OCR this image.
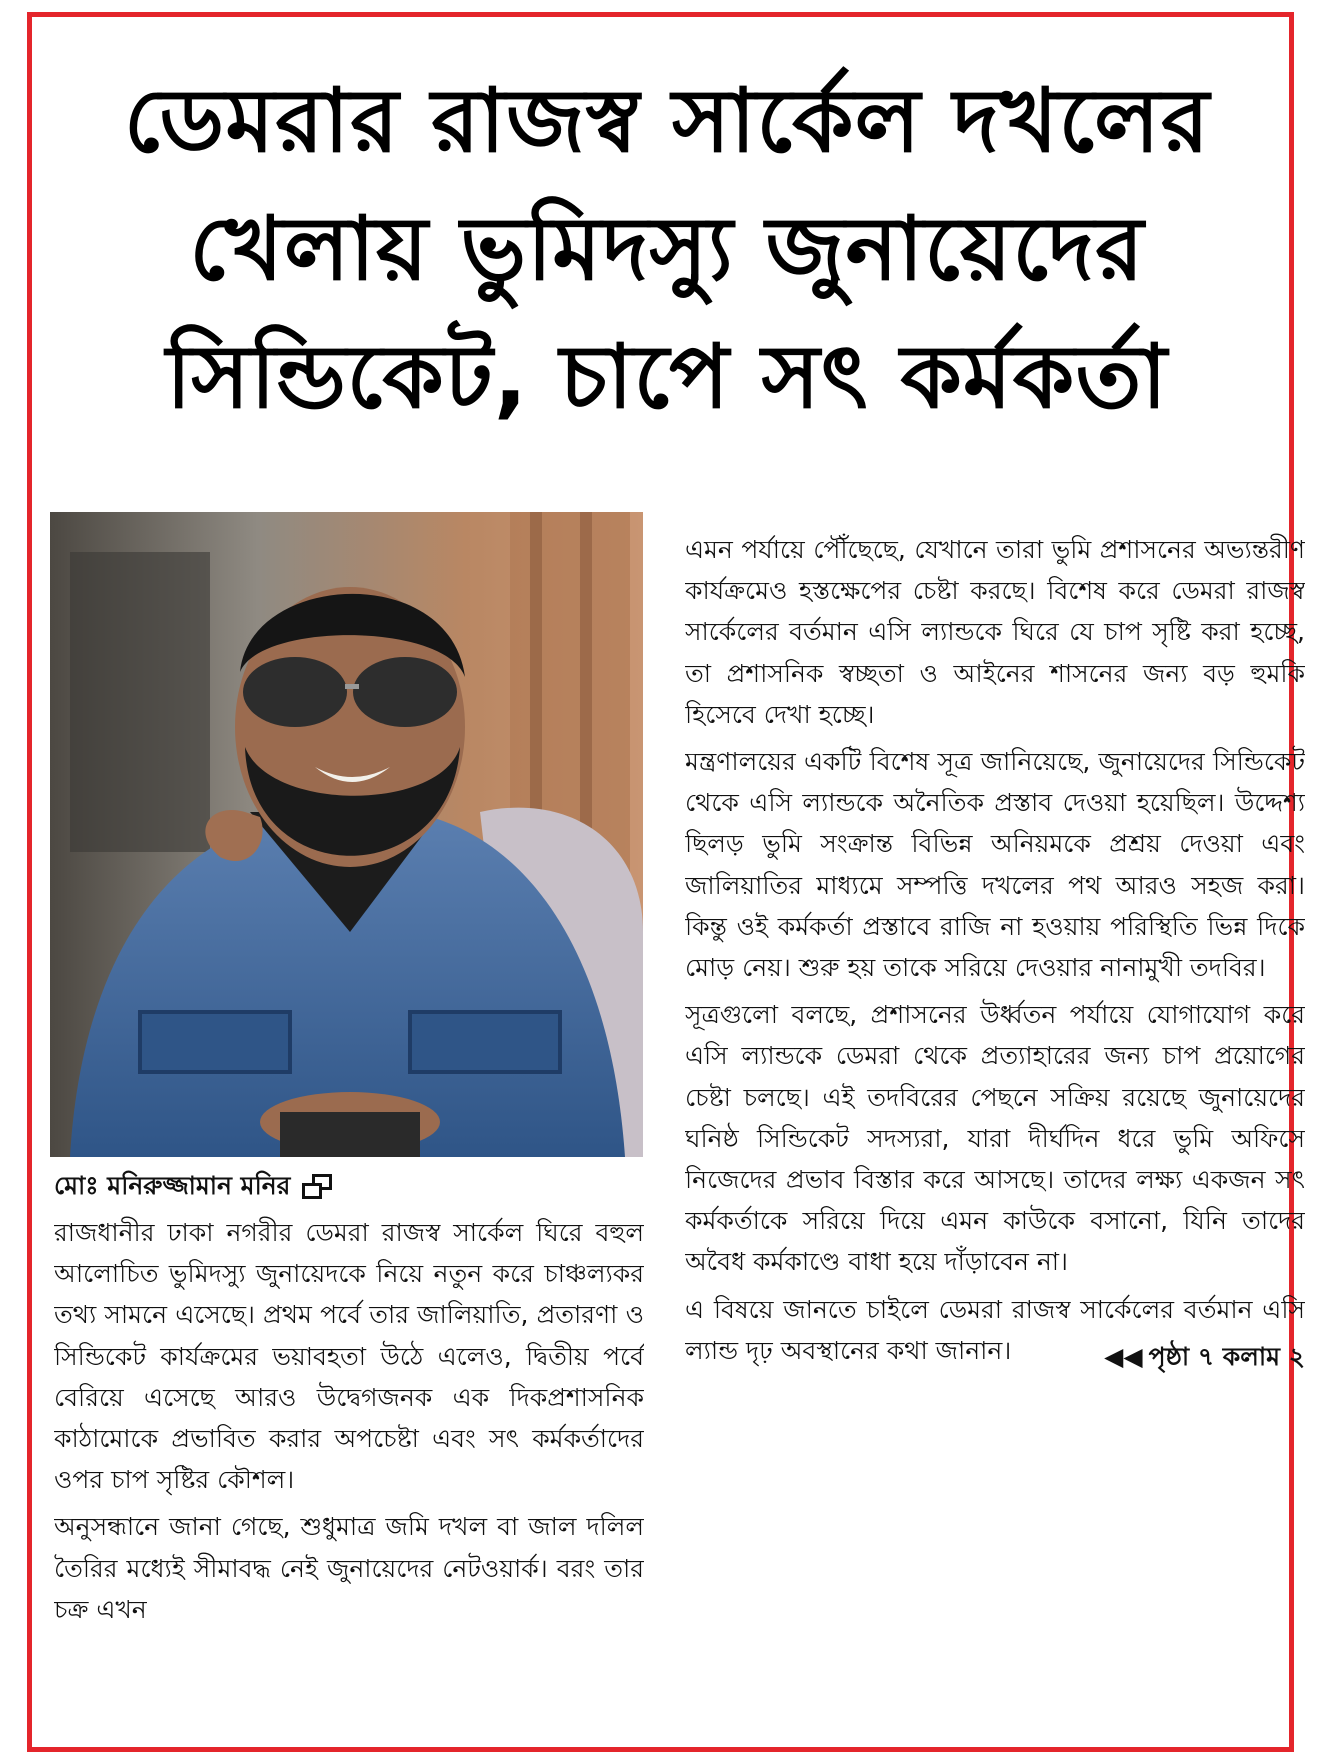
ডেমরার রাজস্ব সার্কেল দখলের
খেলায় ভুমিদস্যু জুনায়েদের
সিন্ডিকেট, চাপে সৎ কর্মকর্তা
মোঃ মনিরুজ্জামান মনির

রাজধানীর ঢাকা নগরীর ডেমরা রাজস্ব সার্কেল ঘিরে বহুল আলোচিত ভুমিদস্যু জুনায়েদকে নিয়ে নতুন করে চাঞ্চল্যকর তথ্য সামনে এসেছে। প্রথম পর্বে তার জালিয়াতি, প্রতারণা ও সিন্ডিকেট কার্যক্রমের ভয়াবহতা উঠে এলেও, দ্বিতীয় পর্বে বেরিয়ে এসেছে আরও উদ্বেগজনক এক দিকপ্রশাসনিক কাঠামোকে প্রভাবিত করার অপচেষ্টা এবং সৎ কর্মকর্তাদের ওপর চাপ সৃষ্টির কৌশল।

অনুসন্ধানে জানা গেছে, শুধুমাত্র জমি দখল বা জাল দলিল তৈরির মধ্যেই সীমাবদ্ধ নেই জুনায়েদের নেটওয়ার্ক। বরং তার চক্র এখন

এমন পর্যায়ে পৌঁছেছে, যেখানে তারা ভুমি প্রশাসনের অভ্যন্তরীণ কার্যক্রমেও হস্তক্ষেপের চেষ্টা করছে। বিশেষ করে ডেমরা রাজস্ব সার্কেলের বর্তমান এসি ল্যান্ডকে ঘিরে যে চাপ সৃষ্টি করা হচ্ছে, তা প্রশাসনিক স্বচ্ছতা ও আইনের শাসনের জন্য বড় হুমকি হিসেবে দেখা হচ্ছে।

মন্ত্রণালয়ের একটি বিশেষ সূত্র জানিয়েছে, জুনায়েদের সিন্ডিকেট থেকে এসি ল্যান্ডকে অনৈতিক প্রস্তাব দেওয়া হয়েছিল। উদ্দেশ্য ছিলড় ভুমি সংক্রান্ত বিভিন্ন অনিয়মকে প্রশ্রয় দেওয়া এবং জালিয়াতির মাধ্যমে সম্পত্তি দখলের পথ আরও সহজ করা। কিন্তু ওই কর্মকর্তা প্রস্তাবে রাজি না হওয়ায় পরিস্থিতি ভিন্ন দিকে মোড় নেয়। শুরু হয় তাকে সরিয়ে দেওয়ার নানামুখী তদবির।

সূত্রগুলো বলছে, প্রশাসনের উর্ধ্বতন পর্যায়ে যোগাযোগ করে এসি ল্যান্ডকে ডেমরা থেকে প্রত্যাহারের জন্য চাপ প্রয়োগের চেষ্টা চলছে। এই তদবিরের পেছনে সক্রিয় রয়েছে জুনায়েদের ঘনিষ্ঠ সিন্ডিকেট সদস্যরা, যারা দীর্ঘদিন ধরে ভুমি অফিসে নিজেদের প্রভাব বিস্তার করে আসছে। তাদের লক্ষ্য একজন সৎ কর্মকর্তাকে সরিয়ে দিয়ে এমন কাউকে বসানো, যিনি তাদের অবৈধ কর্মকাণ্ডে বাধা হয়ে দাঁড়াবেন না।

এ বিষয়ে জানতে চাইলে ডেমরা রাজস্ব সার্কেলের বর্তমান এসি ল্যান্ড দৃঢ় অবস্থানের কথা জানান।	◀◀ পৃষ্ঠা ৭ কলাম ২
